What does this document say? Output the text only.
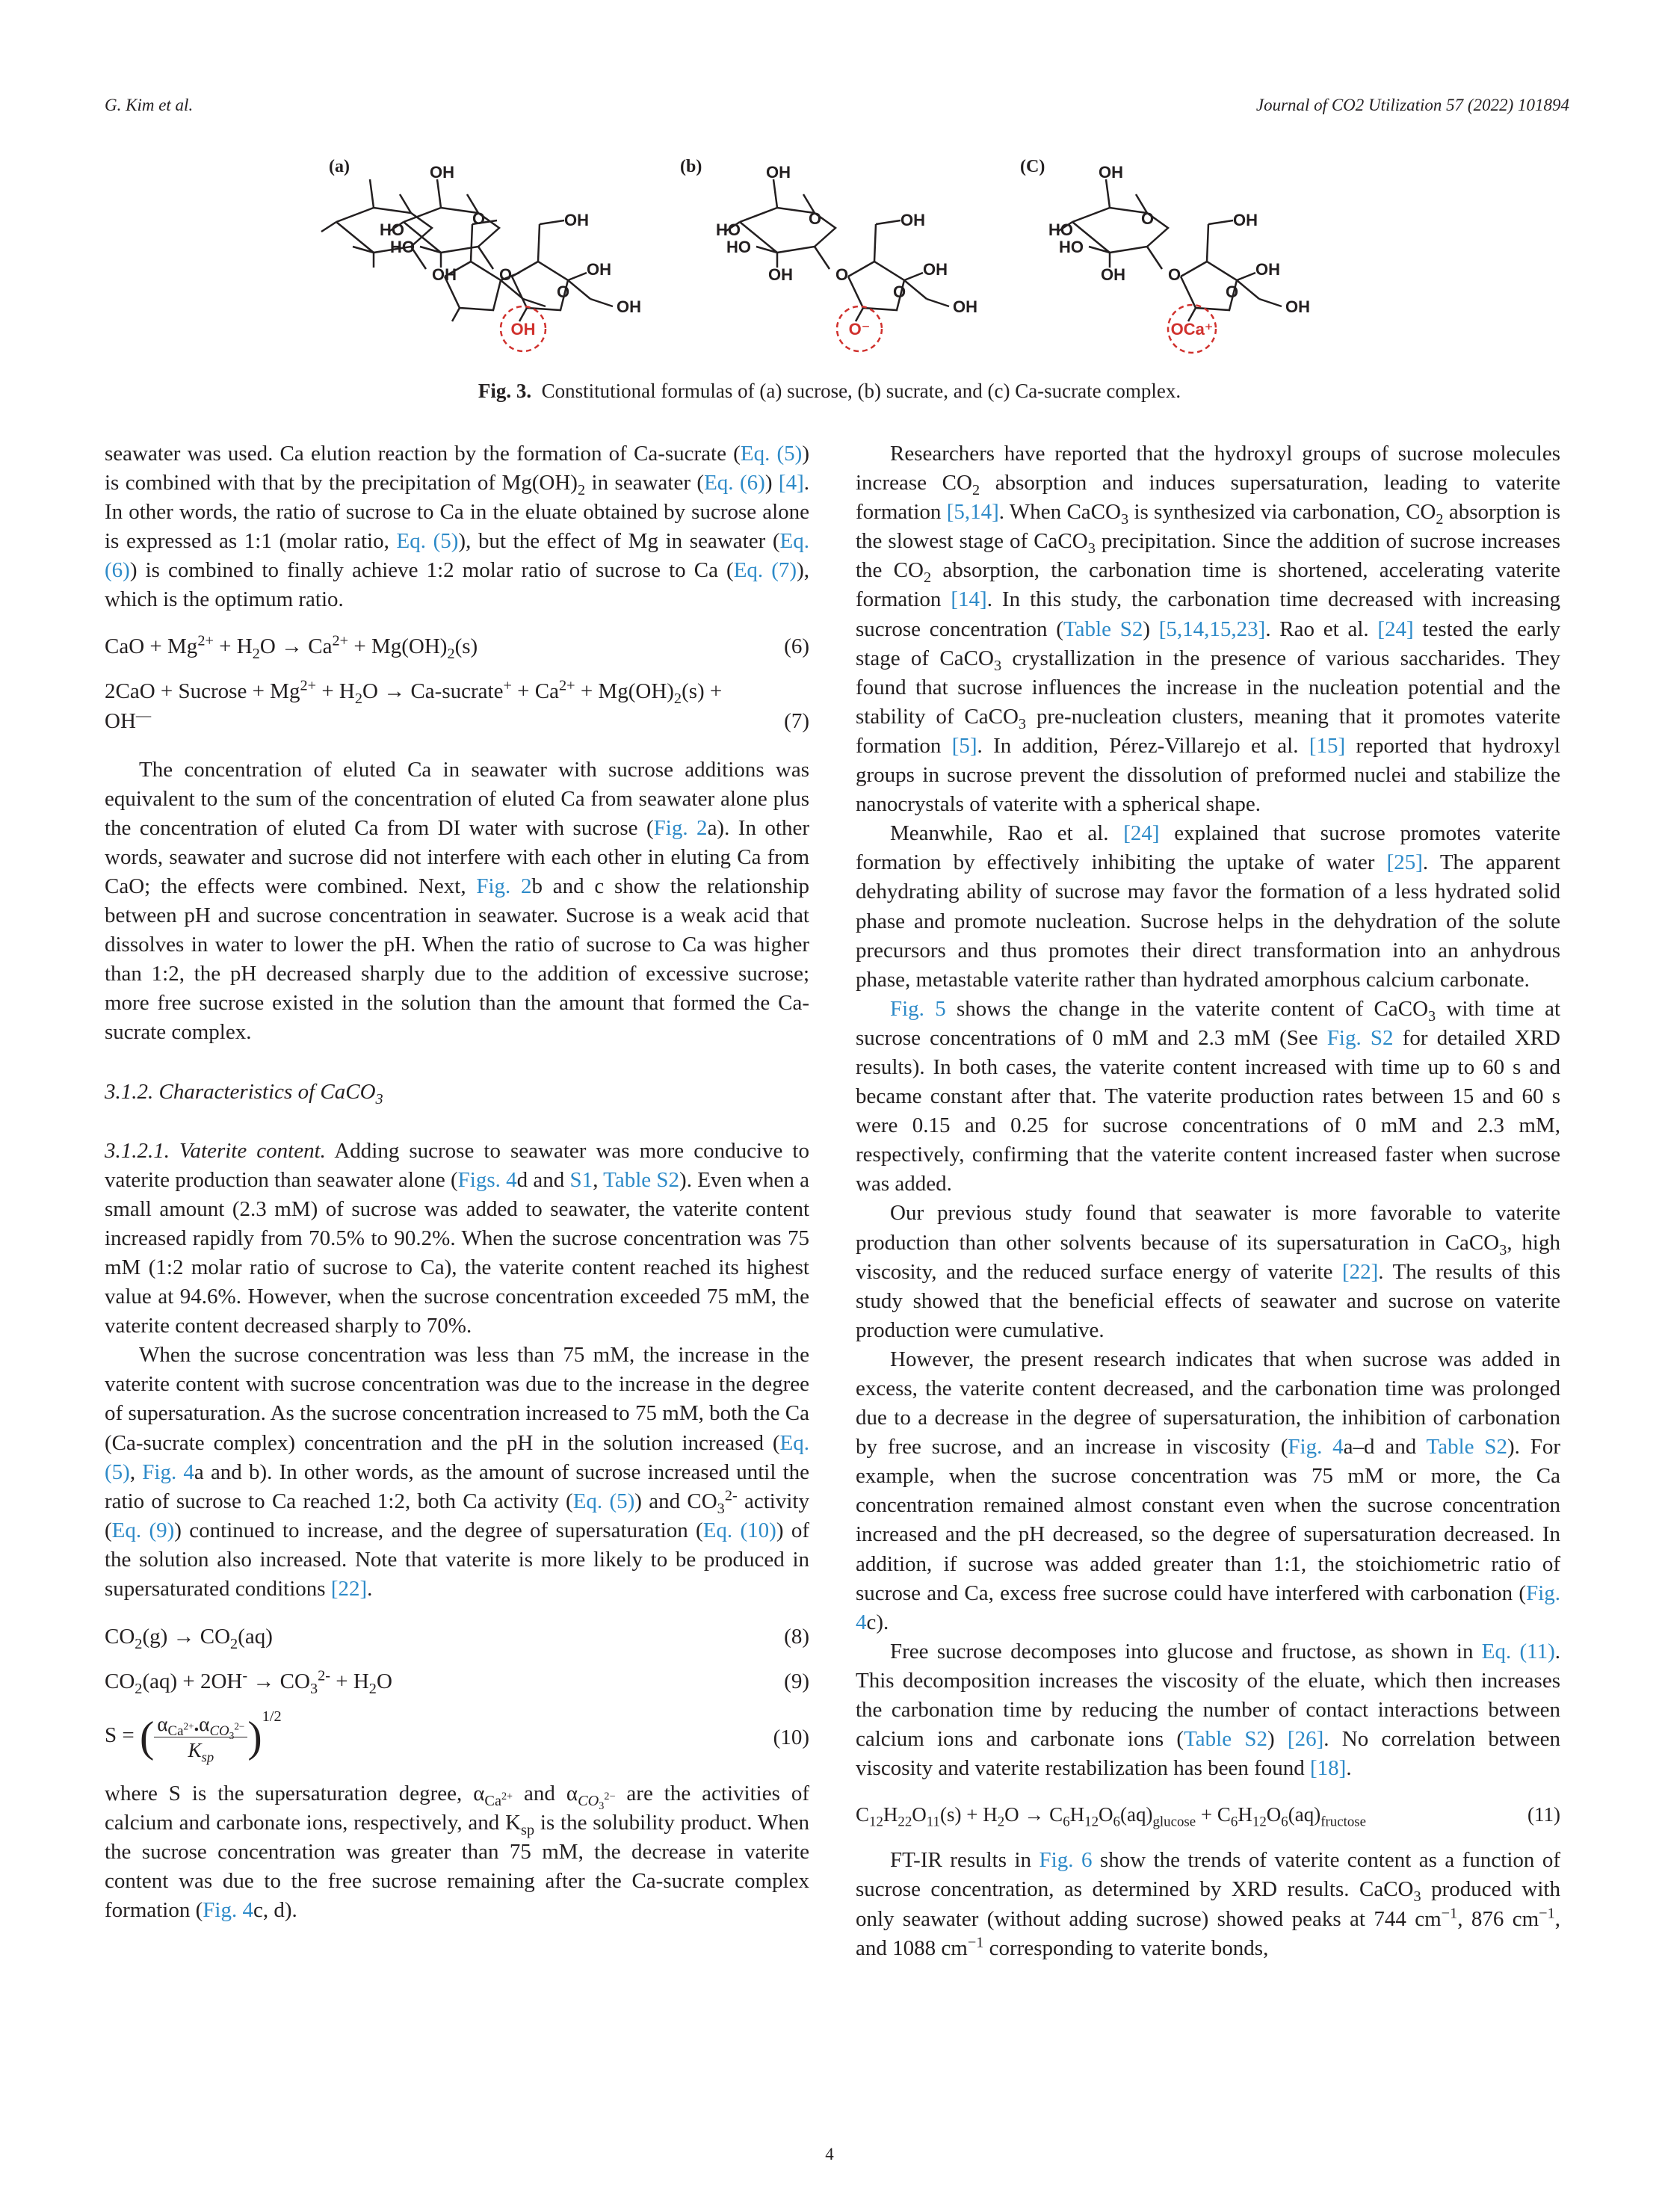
G. Kim et al.	Journal of CO2 Utilization 57 (2022) 101894
(a)	OH
HO
HO
O
OH	O
OH
OH
O
OH
OH
(b)	OH
HO
HO
O
OH	O
OH
OH
O
OH
O⁻
(C)	OH
HO
HO
O
OH	O
OH
OH
O
OH
OCa⁺
Fig. 3. Constitutional formulas of (a) sucrose, (b) sucrate, and (c) Ca-sucrate complex.

seawater was used. Ca elution reaction by the formation of Ca-sucrate (Eq. (5)) is combined with that by the precipitation of $Mg(OH)_2$ in seawater (Eq. (6)) [4]. In other words, the ratio of sucrose to Ca in the eluate obtained by sucrose alone is expressed as 1:1 (molar ratio, Eq. (5)), but the effect of Mg in seawater (Eq. (6)) is combined to finally achieve 1:2 molar ratio of sucrose to Ca (Eq. (7)), which is the optimum ratio.

CaO + $Mg^{2+} + H_2O \to Ca^{2+} + Mg(OH)_2(s)$	(6)
2CaO + Sucrose + $Mg^{2+} + H_2O$ → Ca-sucrate+ + $Ca^{2+} + Mg(OH)_2(s)$ +
OH—	(7)

The concentration of eluted Ca in seawater with sucrose additions was equivalent to the sum of the concentration of eluted Ca from seawater alone plus the concentration of eluted Ca from DI water with sucrose (Fig. 2a). In other words, seawater and sucrose did not interfere with each other in eluting Ca from CaO; the effects were combined. Next, Fig. 2b and c show the relationship between pH and sucrose concentration in seawater. Sucrose is a weak acid that dissolves in water to lower the pH. When the ratio of sucrose to Ca was higher than 1:2, the pH decreased sharply due to the addition of excessive sucrose; more free sucrose existed in the solution than the amount that formed the Ca-sucrate complex.

3.1.2. Characteristics of CaCO$_3$

3.1.2.1. Vaterite content. Adding sucrose to seawater was more conducive to vaterite production than seawater alone (Figs. 4d and S1, Table S2). Even when a small amount (2.3 mM) of sucrose was added to seawater, the vaterite content increased rapidly from 70.5% to 90.2%. When the sucrose concentration was 75 mM (1:2 molar ratio of sucrose to Ca), the vaterite content reached its highest value at 94.6%. However, when the sucrose concentration exceeded 75 mM, the vaterite content decreased sharply to 70%.

When the sucrose concentration was less than 75 mM, the increase in the vaterite content with sucrose concentration was due to the increase in the degree of supersaturation. As the sucrose concentration increased to 75 mM, both the Ca (Ca-sucrate complex) concentration and the pH in the solution increased (Eq. (5), Fig. 4a and b). In other words, as the amount of sucrose increased until the ratio of sucrose to Ca reached 1:2, both Ca activity (Eq. (5)) and $CO_3^{2-}$ activity (Eq. (9)) continued to increase, and the degree of supersaturation (Eq. (10)) of the solution also increased. Note that vaterite is more likely to be produced in supersaturated conditions [22].

$CO_2(g) \to CO_2(aq)$	(8)
$CO_2(aq) + 2OH^- \to CO_3^{2-} + H_2O$	(9)
S = ( $\frac{\alpha_{Ca^{2+}}.\alpha_{CO_3^{2-}}}{K_{sp}} )^{1/2}$
(10)

where S is the supersaturation degree, $\alpha_{Ca^{2+}}$ and $\alpha_{CO_3^{2-}}$ are the activities of calcium and carbonate ions, respectively, and $K_{sp}$ is the solubility product. When the sucrose concentration was greater than 75 mM, the decrease in vaterite content was due to the free sucrose remaining after the Ca-sucrate complex formation (Fig. 4c, d).

Researchers have reported that the hydroxyl groups of sucrose molecules increase $CO_2$ absorption and induces supersaturation, leading to vaterite formation [5,14]. When CaCO$_3$ is synthesized via carbonation, $CO_2$ absorption is the slowest stage of CaCO$_3$ precipitation. Since the addition of sucrose increases the $CO_2$ absorption, the carbonation time is shortened, accelerating vaterite formation [14]. In this study, the carbonation time decreased with increasing sucrose concentration (Table S2) [5,14,15,23]. Rao et al. [24] tested the early stage of CaCO$_3$ crystallization in the presence of various saccharides. They found that sucrose influences the increase in the nucleation potential and the stability of CaCO$_3$ pre-nucleation clusters, meaning that it promotes vaterite formation [5]. In addition, Pérez-Villarejo et al. [15] reported that hydroxyl groups in sucrose prevent the dissolution of preformed nuclei and stabilize the nanocrystals of vaterite with a spherical shape.

Meanwhile, Rao et al. [24] explained that sucrose promotes vaterite formation by effectively inhibiting the uptake of water [25]. The apparent dehydrating ability of sucrose may favor the formation of a less hydrated solid phase and promote nucleation. Sucrose helps in the dehydration of the solute precursors and thus promotes their direct transformation into an anhydrous phase, metastable vaterite rather than hydrated amorphous calcium carbonate.

Fig. 5 shows the change in the vaterite content of CaCO$_3$ with time at sucrose concentrations of 0 mM and 2.3 mM (See Fig. S2 for detailed XRD results). In both cases, the vaterite content increased with time up to 60 s and became constant after that. The vaterite production rates between 15 and 60 s were 0.15 and 0.25 for sucrose concentrations of 0 mM and 2.3 mM, respectively, confirming that the vaterite content increased faster when sucrose was added.

Our previous study found that seawater is more favorable to vaterite production than other solvents because of its supersaturation in CaCO$_3$, high viscosity, and the reduced surface energy of vaterite [22]. The results of this study showed that the beneficial effects of seawater and sucrose on vaterite production were cumulative.

However, the present research indicates that when sucrose was added in excess, the vaterite content decreased, and the carbonation time was prolonged due to a decrease in the degree of supersaturation, the inhibition of carbonation by free sucrose, and an increase in viscosity (Fig. 4a–d and Table S2). For example, when the sucrose concentration was 75 mM or more, the Ca concentration remained almost constant even when the sucrose concentration increased and the pH decreased, so the degree of supersaturation decreased. In addition, if sucrose was added greater than 1:1, the stoichiometric ratio of sucrose and Ca, excess free sucrose could have interfered with carbonation (Fig. 4c).

Free sucrose decomposes into glucose and fructose, as shown in Eq. (11). This decomposition increases the viscosity of the eluate, which then increases the carbonation time by reducing the number of contact interactions between calcium ions and carbonate ions (Table S2) [26]. No correlation between viscosity and vaterite restabilization has been found [18].

$C_{12}H_{22}O_{11}(s) + H_2O \to C_6H_{12}O_6(aq)_{glucose} + C_6H_{12}O_6(aq)_{fructose}$	(11)

FT-IR results in Fig. 6 show the trends of vaterite content as a function of sucrose concentration, as determined by XRD results. CaCO$_3$ produced with only seawater (without adding sucrose) showed peaks at 744 $cm^{-1}$, 876 $cm^{-1}$, and 1088 $cm^{-1}$ corresponding to vaterite bonds,

4
